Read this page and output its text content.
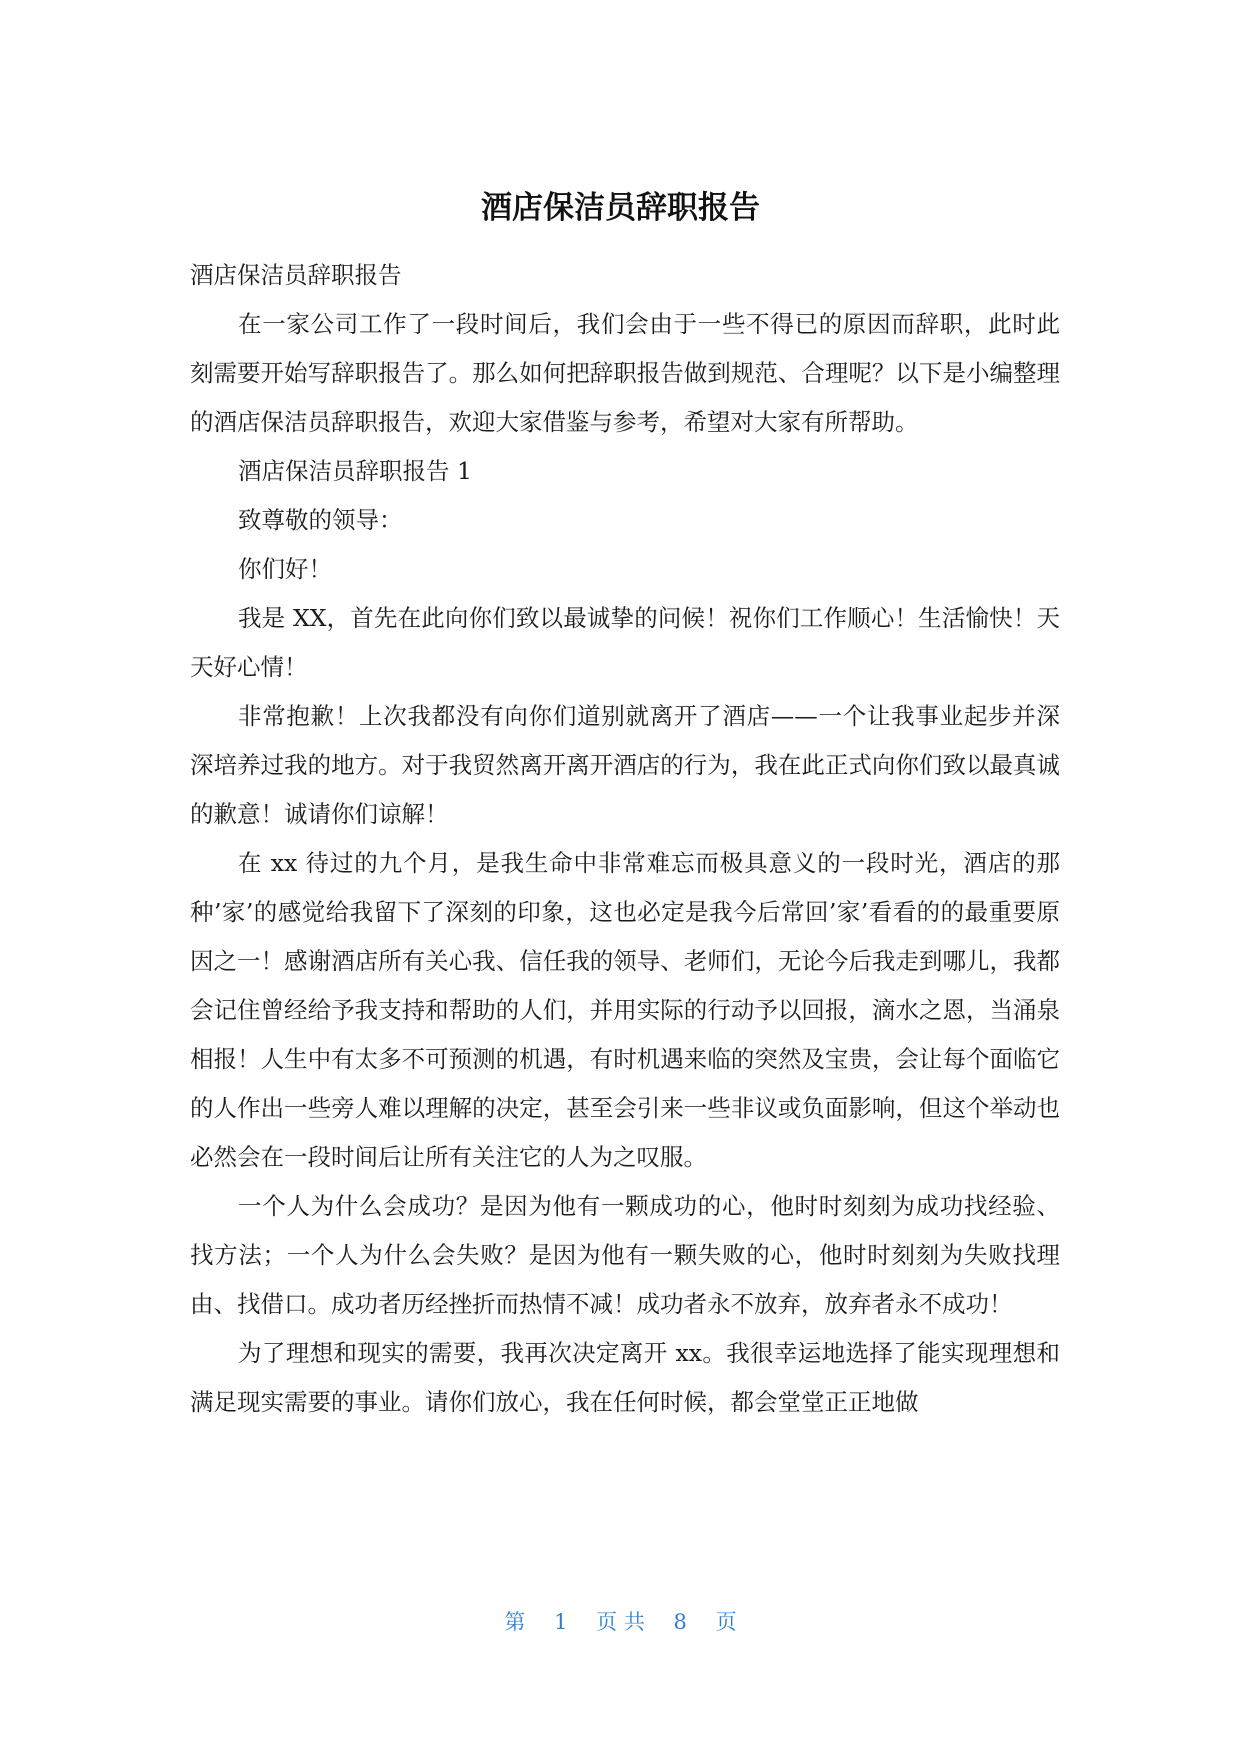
酒店保洁员辞职报告

酒店保洁员辞职报告

在一家公司工作了一段时间后，我们会由于一些不得已的原因而辞职，此时此刻需要开始写辞职报告了。那么如何把辞职报告做到规范、合理呢？以下是小编整理的酒店保洁员辞职报告，欢迎大家借鉴与参考，希望对大家有所帮助。

酒店保洁员辞职报告 1

致尊敬的领导：

你们好！

我是 XX，首先在此向你们致以最诚挚的问候！祝你们工作顺心！生活愉快！天天好心情！

非常抱歉！上次我都没有向你们道别就离开了酒店——一个让我事业起步并深深培养过我的地方。对于我贸然离开离开酒店的行为，我在此正式向你们致以最真诚的歉意！诚请你们谅解！

在 xx 待过的九个月，是我生命中非常难忘而极具意义的一段时光，酒店的那种’家’的感觉给我留下了深刻的印象，这也必定是我今后常回’家’看看的的最重要原因之一！感谢酒店所有关心我、信任我的领导、老师们，无论今后我走到哪儿，我都会记住曾经给予我支持和帮助的人们，并用实际的行动予以回报，滴水之恩，当涌泉相报！人生中有太多不可预测的机遇，有时机遇来临的突然及宝贵，会让每个面临它的人作出一些旁人难以理解的决定，甚至会引来一些非议或负面影响，但这个举动也必然会在一段时间后让所有关注它的人为之叹服。

一个人为什么会成功？是因为他有一颗成功的心，他时时刻刻为成功找经验、找方法；一个人为什么会失败？是因为他有一颗失败的心，他时时刻刻为失败找理由、找借口。成功者历经挫折而热情不减！成功者永不放弃，放弃者永不成功！

为了理想和现实的需要，我再次决定离开 xx。我很幸运地选择了能实现理想和满足现实需要的事业。请你们放心，我在任何时候，都会堂堂正正地做

第 1 页 共 8 页
